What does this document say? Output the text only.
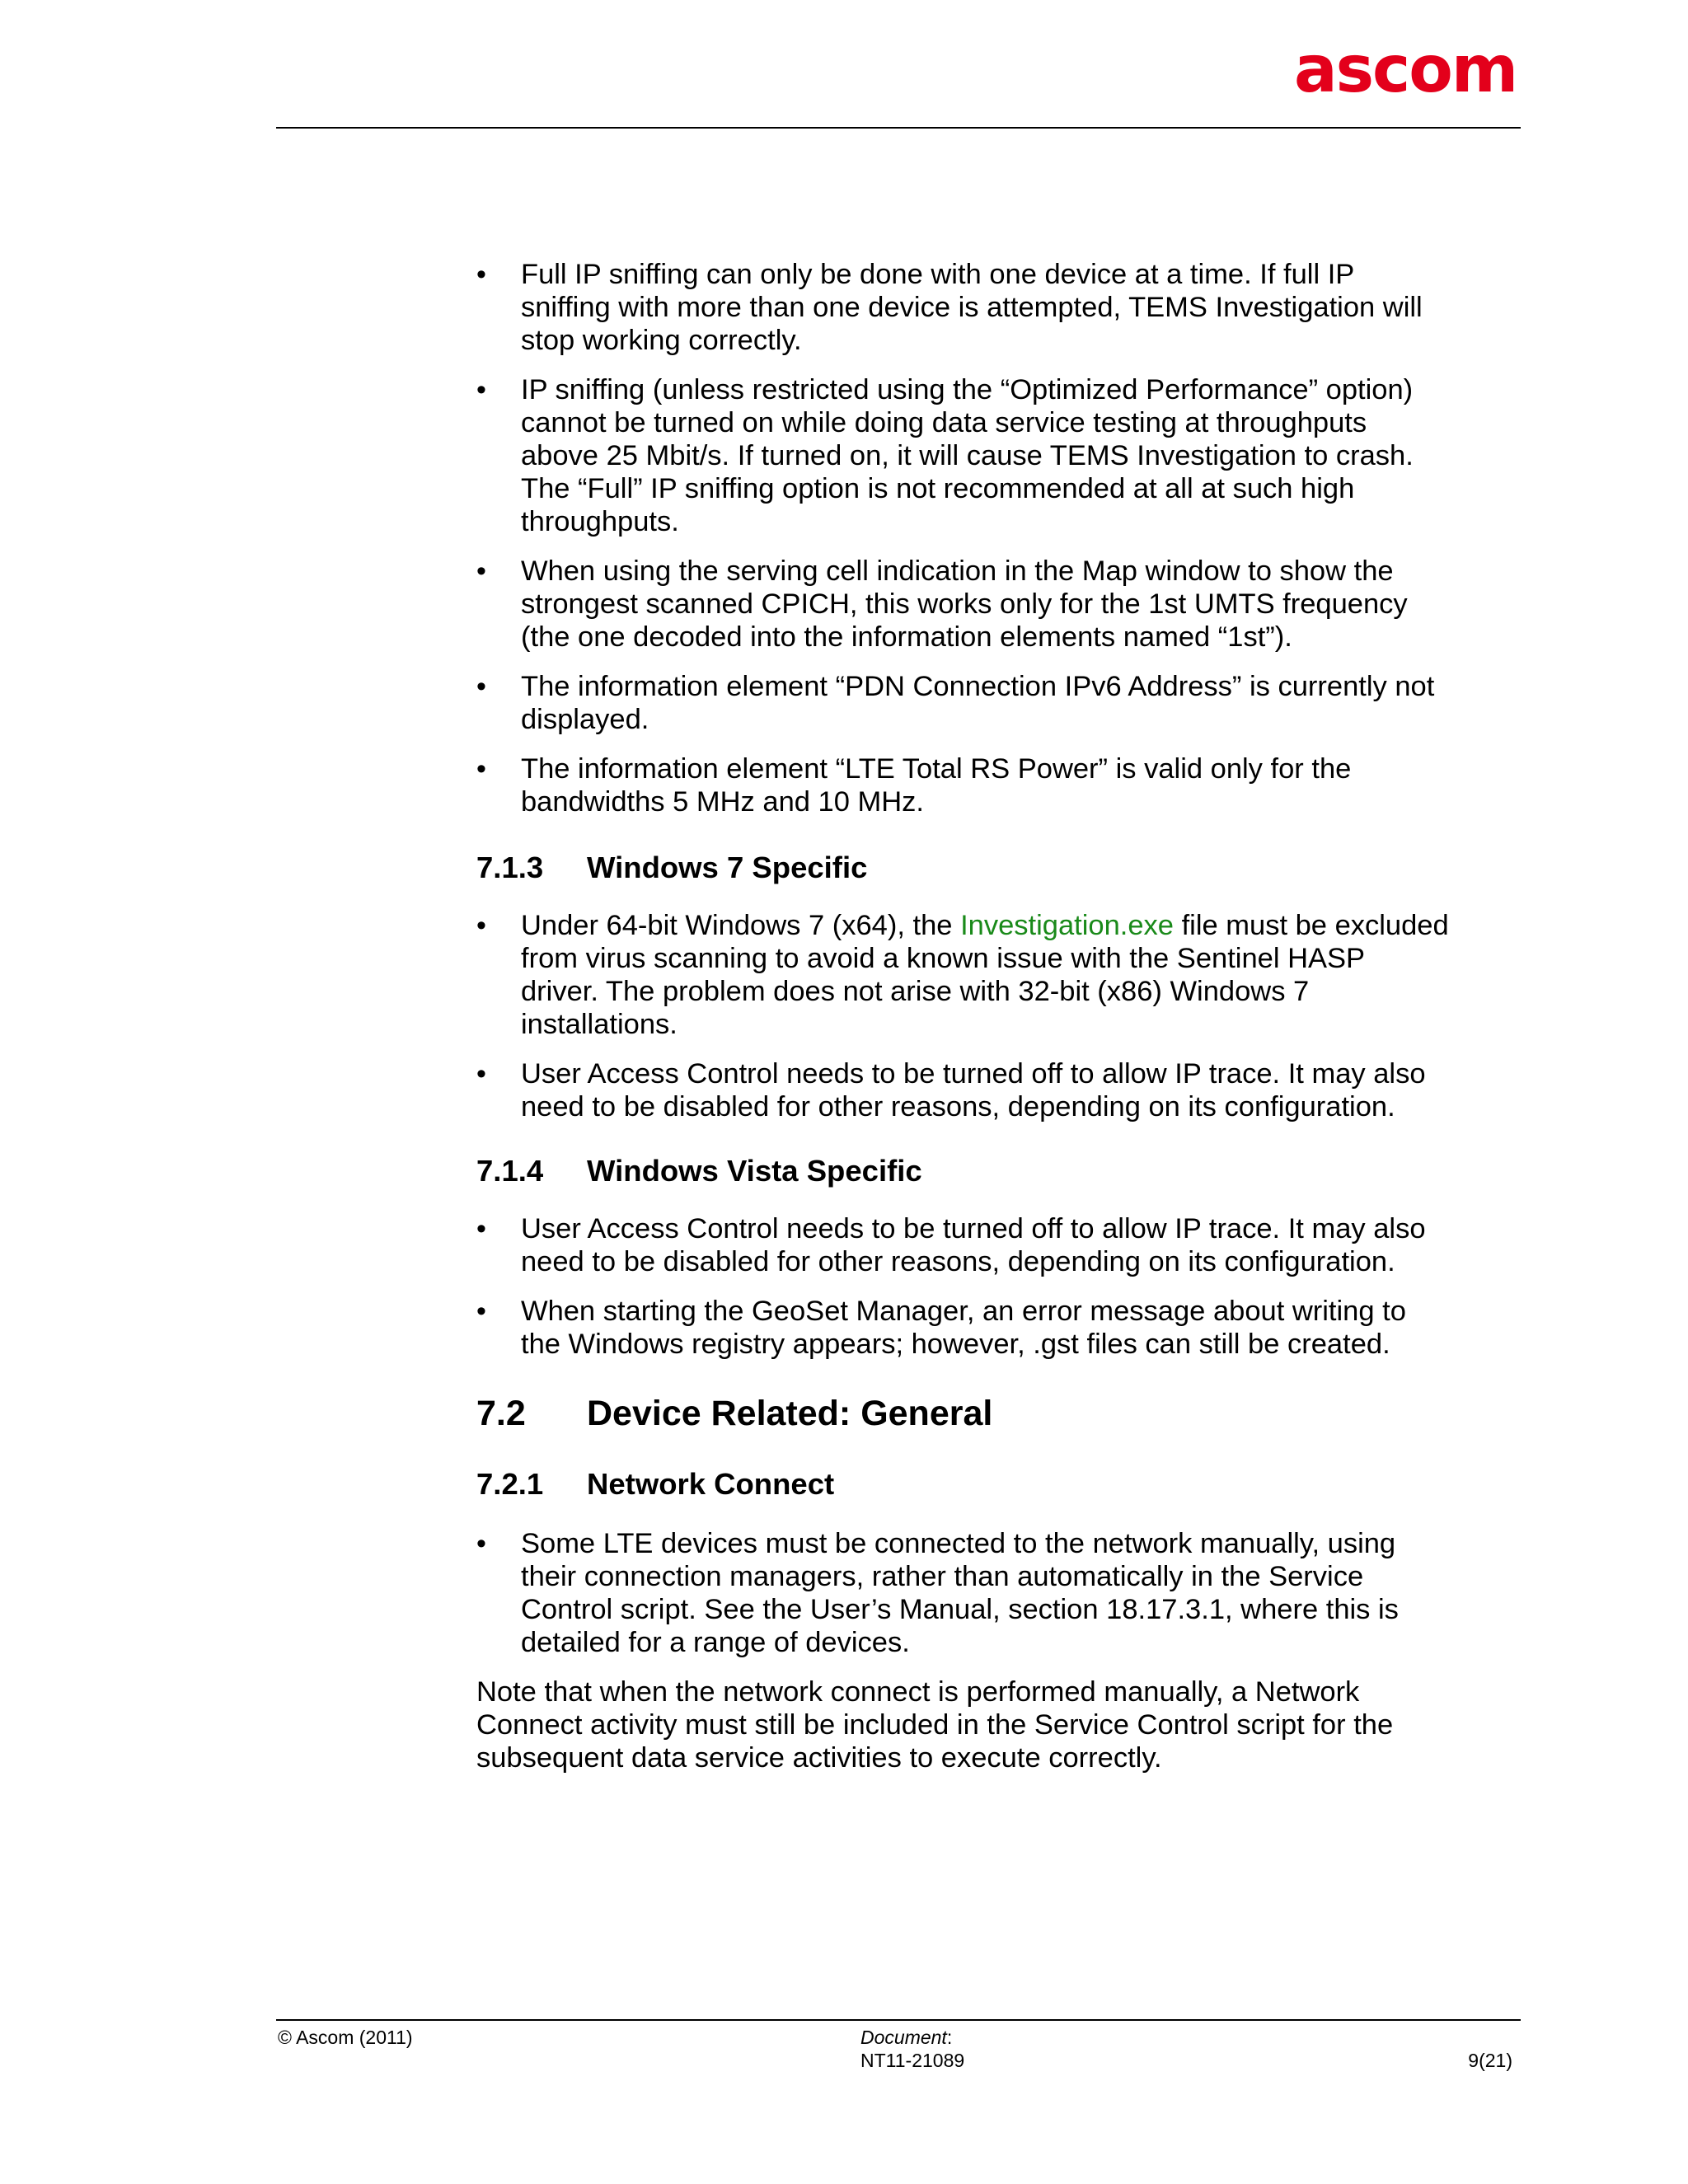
ascom
• Full IP sniffing can only be done with one device at a time. If full IP sniffing with more than one device is attempted, TEMS Investigation will stop working correctly.
• IP sniffing (unless restricted using the “Optimized Performance” option) cannot be turned on while doing data service testing at throughputs above 25 Mbit/s. If turned on, it will cause TEMS Investigation to crash. The “Full” IP sniffing option is not recommended at all at such high throughputs.
• When using the serving cell indication in the Map window to show the strongest scanned CPICH, this works only for the 1st UMTS frequency (the one decoded into the information elements named “1st”).
• The information element “PDN Connection IPv6 Address” is currently not displayed.
• The information element “LTE Total RS Power” is valid only for the bandwidths 5 MHz and 10 MHz.
7.1.3 Windows 7 Specific
• Under 64-bit Windows 7 (x64), the Investigation.exe file must be excluded from virus scanning to avoid a known issue with the Sentinel HASP driver. The problem does not arise with 32-bit (x86) Windows 7 installations.
• User Access Control needs to be turned off to allow IP trace. It may also need to be disabled for other reasons, depending on its configuration.
7.1.4 Windows Vista Specific
• User Access Control needs to be turned off to allow IP trace. It may also need to be disabled for other reasons, depending on its configuration.
• When starting the GeoSet Manager, an error message about writing to the Windows registry appears; however, .gst files can still be created.
7.2 Device Related: General
7.2.1 Network Connect
• Some LTE devices must be connected to the network manually, using their connection managers, rather than automatically in the Service Control script. See the User’s Manual, section 18.17.3.1, where this is detailed for a range of devices.

Note that when the network connect is performed manually, a Network Connect activity must still be included in the Service Control script for the subsequent data service activities to execute correctly.

© Ascom (2011)	Document:
NT11-21089	9(21)
